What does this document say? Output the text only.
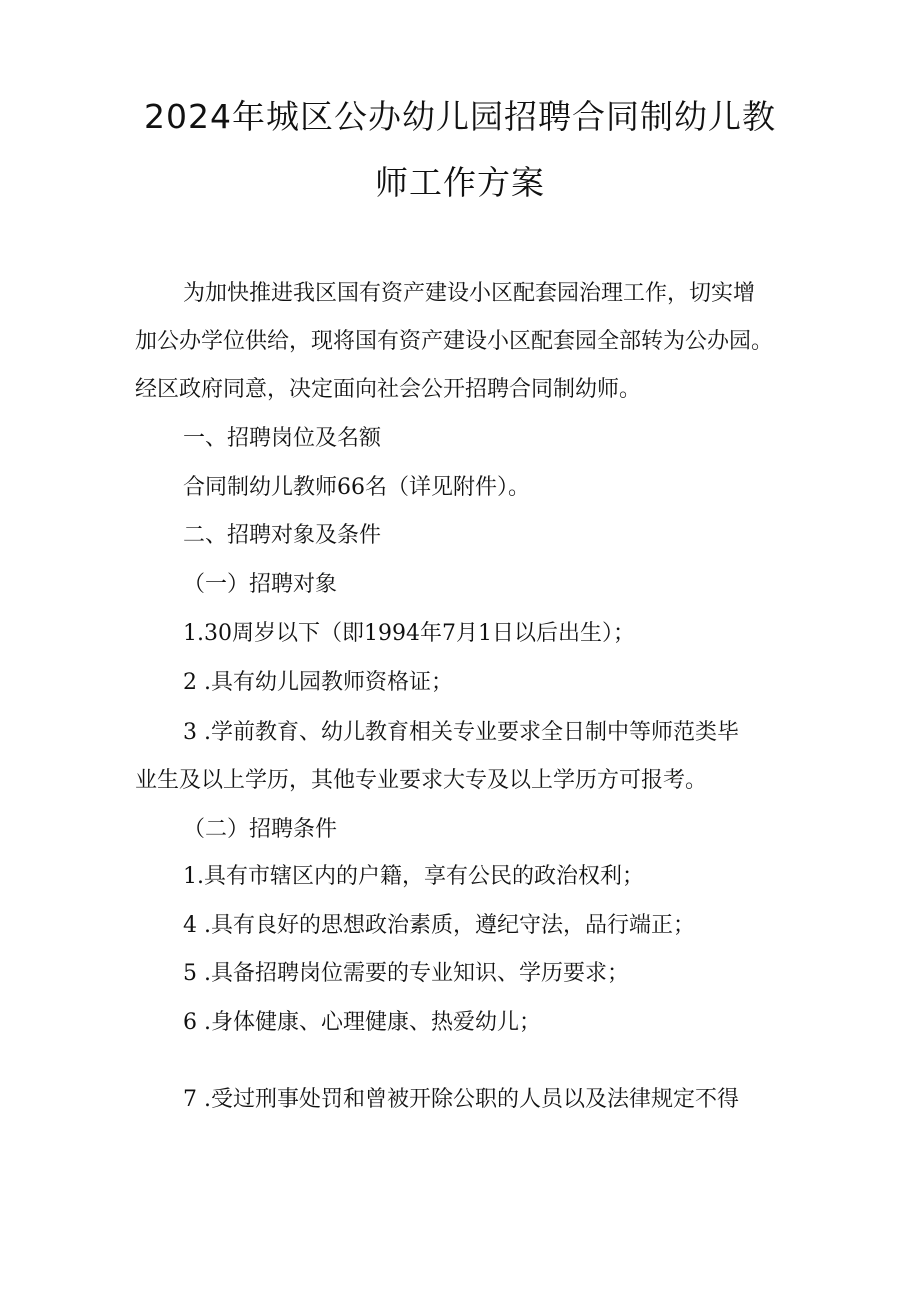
2024年城区公办幼儿园招聘合同制幼儿教
师工作方案
为加快推进我区国有资产建设小区配套园治理工作，切实增
加公办学位供给，现将国有资产建设小区配套园全部转为公办园。
经区政府同意，决定面向社会公开招聘合同制幼师。
一、招聘岗位及名额
合同制幼儿教师66名（详见附件）。
二、招聘对象及条件
（一）招聘对象
1.30周岁以下（即1994年7月1日以后出生）；
2 .具有幼儿园教师资格证；
3 .学前教育、幼儿教育相关专业要求全日制中等师范类毕
业生及以上学历，其他专业要求大专及以上学历方可报考。
（二）招聘条件
1.具有市辖区内的户籍，享有公民的政治权利；
4 .具有良好的思想政治素质，遵纪守法，品行端正；
5 .具备招聘岗位需要的专业知识、学历要求；
6 .身体健康、心理健康、热爱幼儿；
7 .受过刑事处罚和曾被开除公职的人员以及法律规定不得
